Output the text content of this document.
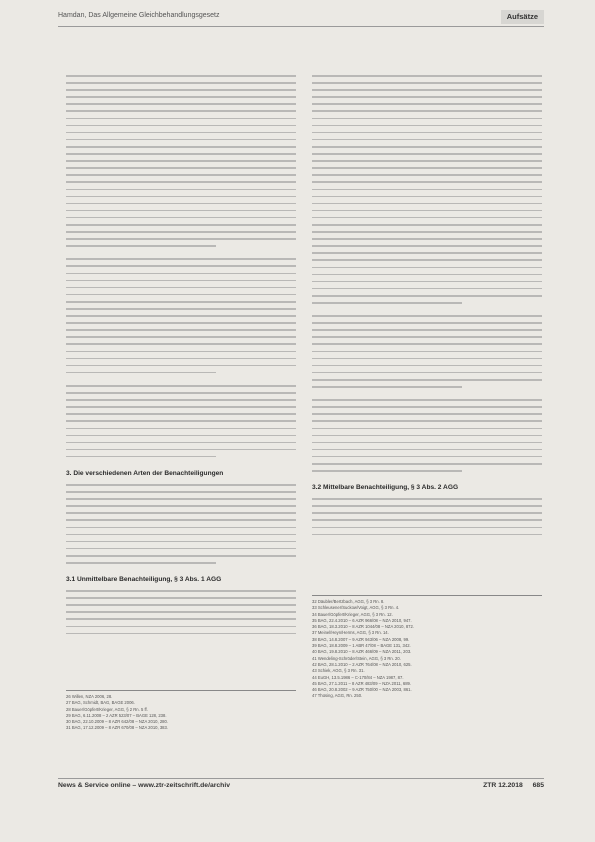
Hamdan, Das Allgemeine Gleichbehandlungsgesetz	Aufsätze
3. Die verschiedenen Arten der Benachteiligungen
3.1 Unmittelbare Benachteiligung, § 3 Abs. 1 AGG
26 Willen, NZA 2006, 28.
27 BAG, Schmidt, BAG, BAGE 2006.
28 Bauer/Göpfert/Krieger, AGG, § 2 Rn. 5 ff.
29 BAG, 6.11.2008 – 2 AZR 523/07 – BAGE 128, 238.
30 BAG, 22.10.2009 – 8 AZR 642/08 – NZA 2010, 280.
31 BAG, 17.12.2009 – 8 AZR 670/08 – NZA 2010, 383.
3.2 Mittelbare Benachteiligung, § 3 Abs. 2 AGG
32 Däubler/Bertzbach, AGG, § 3 Rn. 8.
33 Schleusener/Suckow/Voigt, AGG, § 3 Rn. 4.
34 Bauer/Göpfert/Krieger, AGG, § 3 Rn. 12.
35 BAG, 22.4.2010 – 6 AZR 966/08 – NZA 2010, 947.
36 BAG, 18.3.2010 – 8 AZR 1044/08 – NZA 2010, 872.
37 Meinel/Heyn/Herms, AGG, § 3 Rn. 14.
38 BAG, 14.8.2007 – 9 AZR 943/06 – NZA 2008, 99.
39 BAG, 18.8.2009 – 1 ABR 47/08 – BAGE 131, 342.
40 BAG, 19.8.2010 – 8 AZR 466/09 – NZA 2011, 203.
41 Wendeling-Schröder/Stein, AGG, § 3 Rn. 20.
42 BAG, 28.1.2010 – 2 AZR 764/08 – NZA 2010, 625.
43 Schiek, AGG, § 3 Rn. 31.
44 EuGH, 13.5.1986 – C-170/84 – NZA 1987, 87.
45 BAG, 27.1.2011 – 8 AZR 483/09 – NZA 2011, 689.
46 BAG, 20.8.2002 – 9 AZR 750/00 – NZA 2003, 861.
47 Thüsing, AGG, Rn. 250.
News & Service online – www.ztr-zeitschrift.de/archiv	ZTR 12.2018 685
